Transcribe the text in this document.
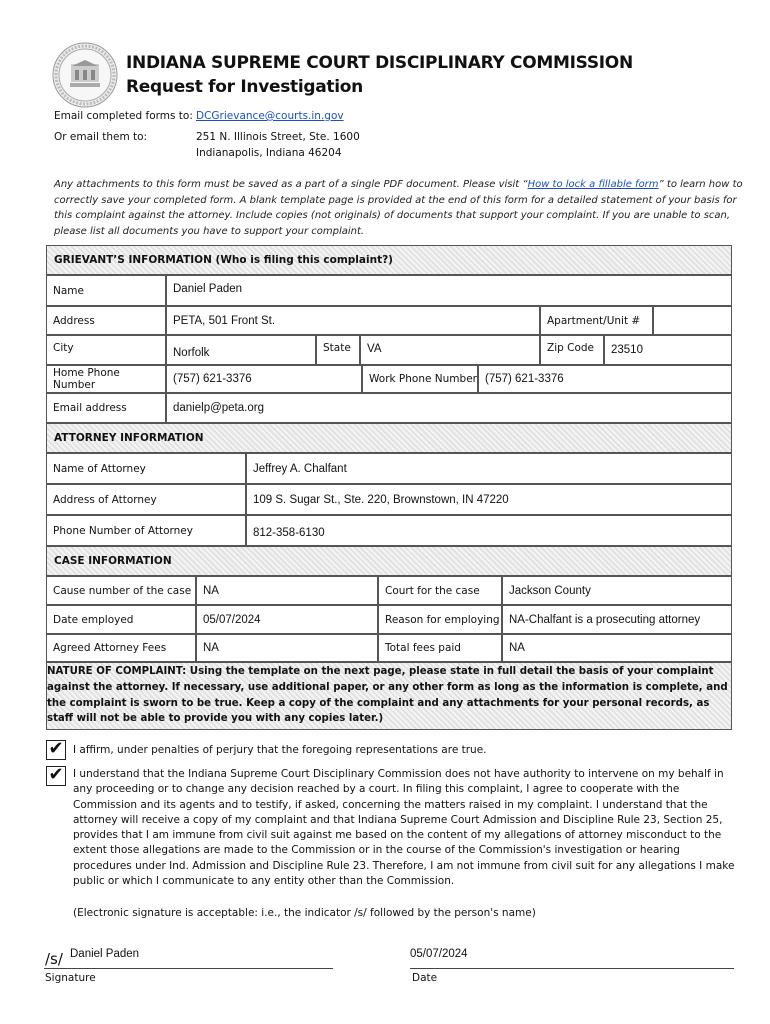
INDIANA SUPREME COURT DISCIPLINARY COMMISSION
Request for Investigation
Email completed forms to: DCGrievance@courts.in.gov
Or email them to:	251 N. Illinois Street, Ste. 1600
Indianapolis, Indiana 46204
Any attachments to this form must be saved as a part of a single PDF document. Please visit “How to lock a fillable form” to learn how to correctly save your completed form. A blank template page is provided at the end of this form for a detailed statement of your basis for this complaint against the attorney. Include copies (not originals) of documents that support your complaint. If you are unable to scan, please list all documents you have to support your complaint.
GRIEVANT’S INFORMATION (Who is filing this complaint?)
Name	Daniel Paden
Address	PETA, 501 Front St.	Apartment/Unit #
City	Norfolk	State	VA	Zip Code	23510
Home Phone Number	(757) 621-3376	Work Phone Number (757) 621-3376
Email address	danielp@peta.org
ATTORNEY INFORMATION
Name of Attorney	Jeffrey A. Chalfant
Address of Attorney	109 S. Sugar St., Ste. 220, Brownstown, IN 47220
Phone Number of Attorney	812-358-6130
CASE INFORMATION
Cause number of the case	NA	Court for the case	Jackson County
Date employed	05/07/2024	Reason for employing NA-Chalfant is a prosecuting attorney
Agreed Attorney Fees	NA	Total fees paid	NA
NATURE OF COMPLAINT: Using the template on the next page, please state in full detail the basis of your complaint against the attorney. If necessary, use additional paper, or any other form as long as the information is complete, and the complaint is sworn to be true. Keep a copy of the complaint and any attachments for your personal records, as staff will not be able to provide you with any copies later.)
✔ I affirm, under penalties of perjury that the foregoing representations are true.
✔ I understand that the Indiana Supreme Court Disciplinary Commission does not have authority to intervene on my behalf in any proceeding or to change any decision reached by a court. In filing this complaint, I agree to cooperate with the Commission and its agents and to testify, if asked, concerning the matters raised in my complaint. I understand that the attorney will receive a copy of my complaint and that Indiana Supreme Court Admission and Discipline Rule 23, Section 25, provides that I am immune from civil suit against me based on the content of my allegations of attorney misconduct to the extent those allegations are made to the Commission or in the course of the Commission's investigation or hearing procedures under Ind. Admission and Discipline Rule 23. Therefore, I am not immune from civil suit for any allegations I make public or which I communicate to any entity other than the Commission.
(Electronic signature is acceptable: i.e., the indicator /s/ followed by the person's name)
/s/ Daniel Paden
Signature
05/07/2024
Date
